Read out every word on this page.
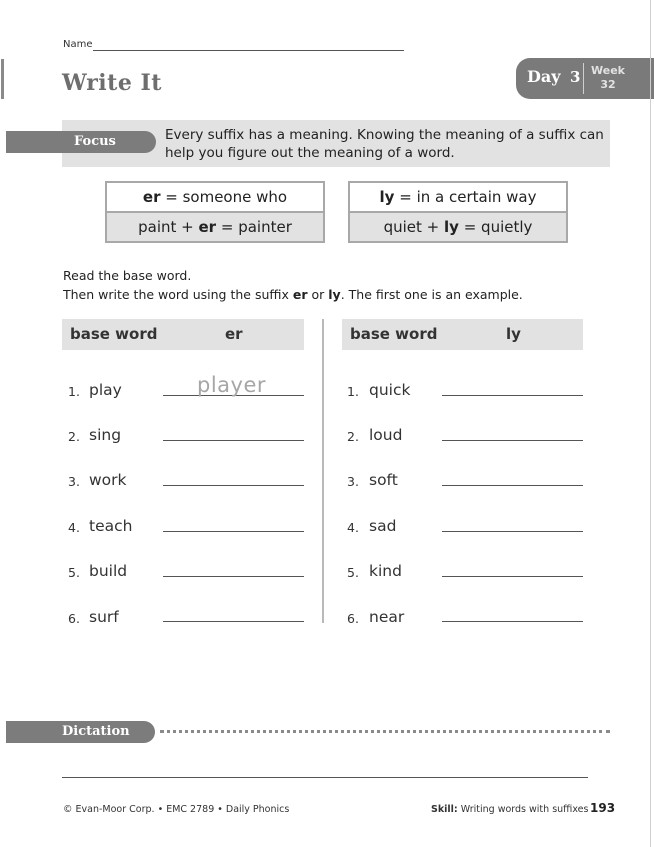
Name
Write It	Day 3 Week
32
Focus	Every suffix has a meaning. Knowing the meaning of a suffix can help you figure out the meaning of a word.
er = someone who
paint + er = painter
ly = in a certain way
quiet + ly = quietly
Read the base word.
Then write the word using the suffix er or ly. The first one is an example.
base word	er	base word	ly
1. play	player
2. sing
3. work
4. teach
5. build
6. surf
1. quick
2. loud
3. soft
4. sad
5. kind
6. near
Dictation
© Evan-Moor Corp. • EMC 2789 • Daily Phonics	Skill: Writing words with suffixes 193
